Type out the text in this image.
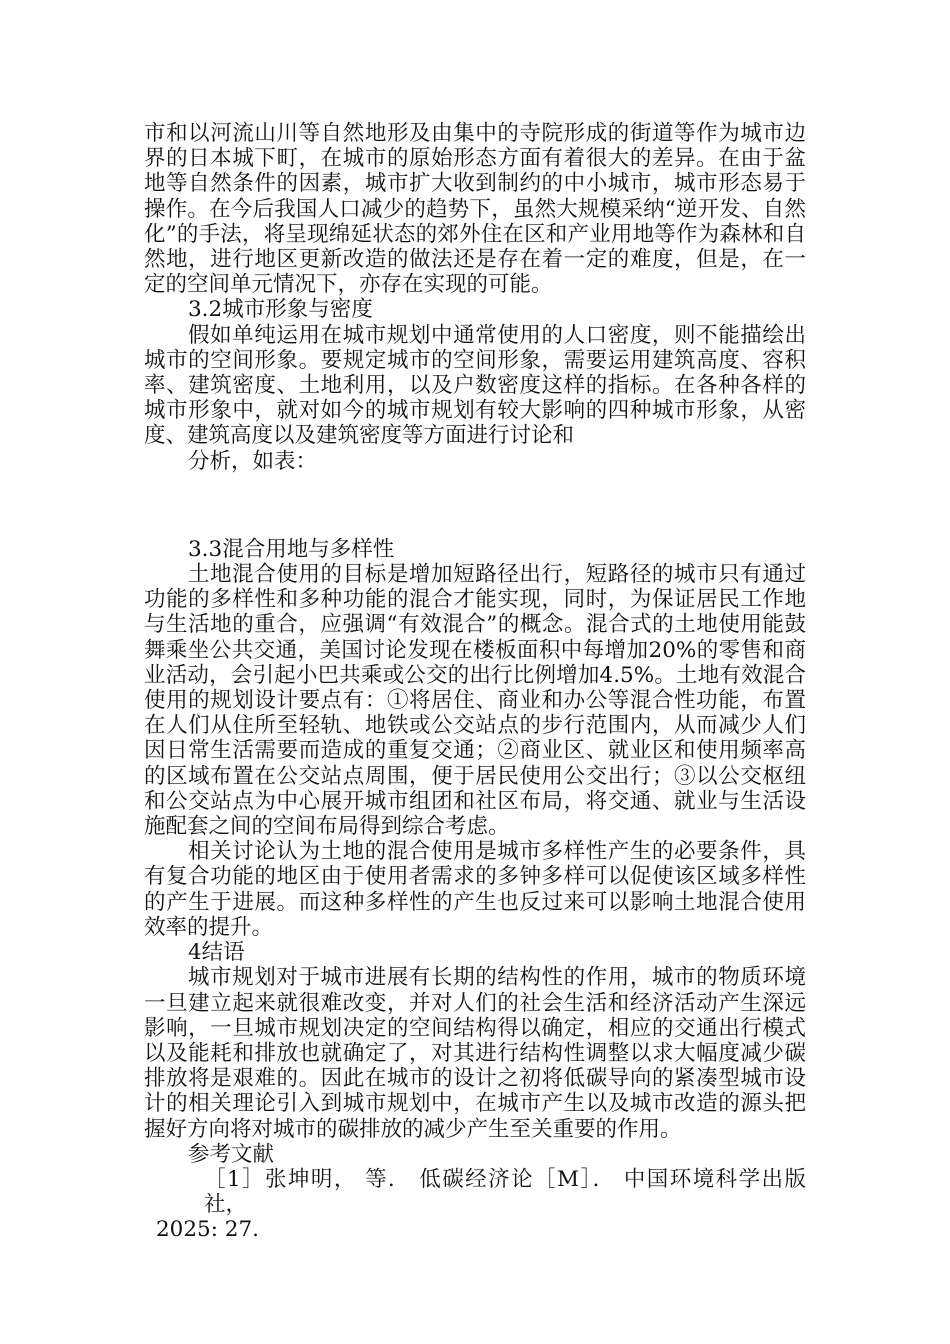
市和以河流山川等自然地形及由集中的寺院形成的街道等作为城市边界的日本城下町，在城市的原始形态方面有着很大的差异。在由于盆地等自然条件的因素，城市扩大收到制约的中小城市，城市形态易于操作。在今后我国人口减少的趋势下，虽然大规模采纳“逆开发、自然化”的手法，将呈现绵延状态的郊外住在区和产业用地等作为森林和自然地，进行地区更新改造的做法还是存在着一定的难度，但是，在一定的空间单元情况下，亦存在实现的可能。

3.2城市形象与密度

假如单纯运用在城市规划中通常使用的人口密度，则不能描绘出城市的空间形象。要规定城市的空间形象，需要运用建筑高度、容积率、建筑密度、土地利用，以及户数密度这样的指标。在各种各样的城市形象中，就对如今的城市规划有较大影响的四种城市形象，从密度、建筑高度以及建筑密度等方面进行讨论和

分析，如表：

3.3混合用地与多样性

土地混合使用的目标是增加短路径出行，短路径的城市只有通过功能的多样性和多种功能的混合才能实现，同时，为保证居民工作地与生活地的重合，应强调“有效混合”的概念。混合式的土地使用能鼓舞乘坐公共交通，美国讨论发现在楼板面积中每增加20%的零售和商业活动，会引起小巴共乘或公交的出行比例增加4.5%。土地有效混合使用的规划设计要点有：①将居住、商业和办公等混合性功能，布置在人们从住所至轻轨、地铁或公交站点的步行范围内，从而减少人们因日常生活需要而造成的重复交通；②商业区、就业区和使用频率高的区域布置在公交站点周围，便于居民使用公交出行；③以公交枢纽和公交站点为中心展开城市组团和社区布局，将交通、就业与生活设施配套之间的空间布局得到综合考虑。

相关讨论认为土地的混合使用是城市多样性产生的必要条件，具有复合功能的地区由于使用者需求的多钟多样可以促使该区域多样性的产生于进展。而这种多样性的产生也反过来可以影响土地混合使用效率的提升。

4结语

城市规划对于城市进展有长期的结构性的作用，城市的物质环境一旦建立起来就很难改变，并对人们的社会生活和经济活动产生深远影响，一旦城市规划决定的空间结构得以确定，相应的交通出行模式以及能耗和排放也就确定了，对其进行结构性调整以求大幅度减少碳排放将是艰难的。因此在城市的设计之初将低碳导向的紧凑型城市设计的相关理论引入到城市规划中，在城市产生以及城市改造的源头把握好方向将对城市的碳排放的减少产生至关重要的作用。

参考文献

［1］张坤明， 等． 低碳经济论［M］． 中国环境科学出版社，

2025: 27.
